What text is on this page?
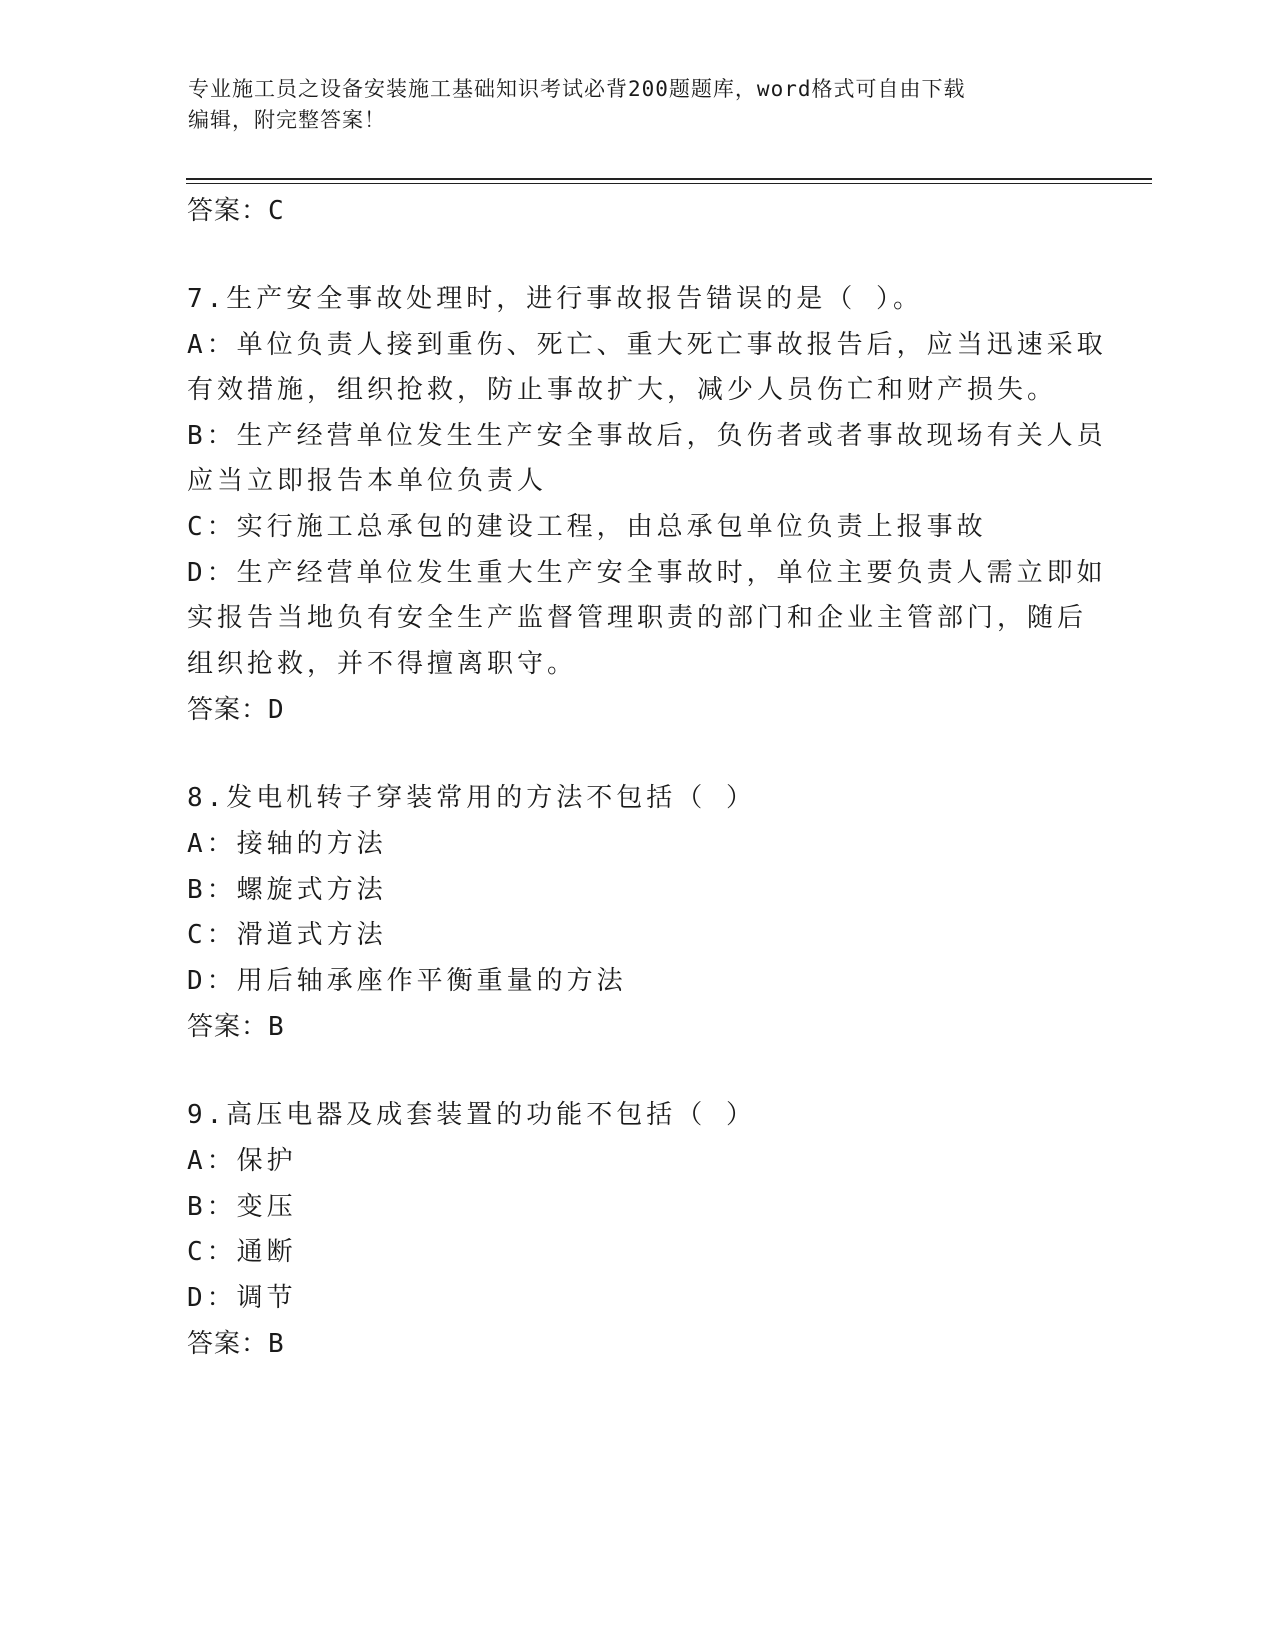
专业施工员之设备安装施工基础知识考试必背200题题库，word格式可自由下载
编辑，附完整答案！
答案：C
7.生产安全事故处理时，进行事故报告错误的是（ ）。
A：单位负责人接到重伤、死亡、重大死亡事故报告后，应当迅速采取
有效措施，组织抢救，防止事故扩大，减少人员伤亡和财产损失。
B：生产经营单位发生生产安全事故后，负伤者或者事故现场有关人员
应当立即报告本单位负责人
C：实行施工总承包的建设工程，由总承包单位负责上报事故
D：生产经营单位发生重大生产安全事故时，单位主要负责人需立即如
实报告当地负有安全生产监督管理职责的部门和企业主管部门，随后
组织抢救，并不得擅离职守。
答案：D
8.发电机转子穿装常用的方法不包括（ ）
A：接轴的方法
B：螺旋式方法
C：滑道式方法
D：用后轴承座作平衡重量的方法
答案：B
9.高压电器及成套装置的功能不包括（ ）
A：保护
B：变压
C：通断
D：调节
答案：B
